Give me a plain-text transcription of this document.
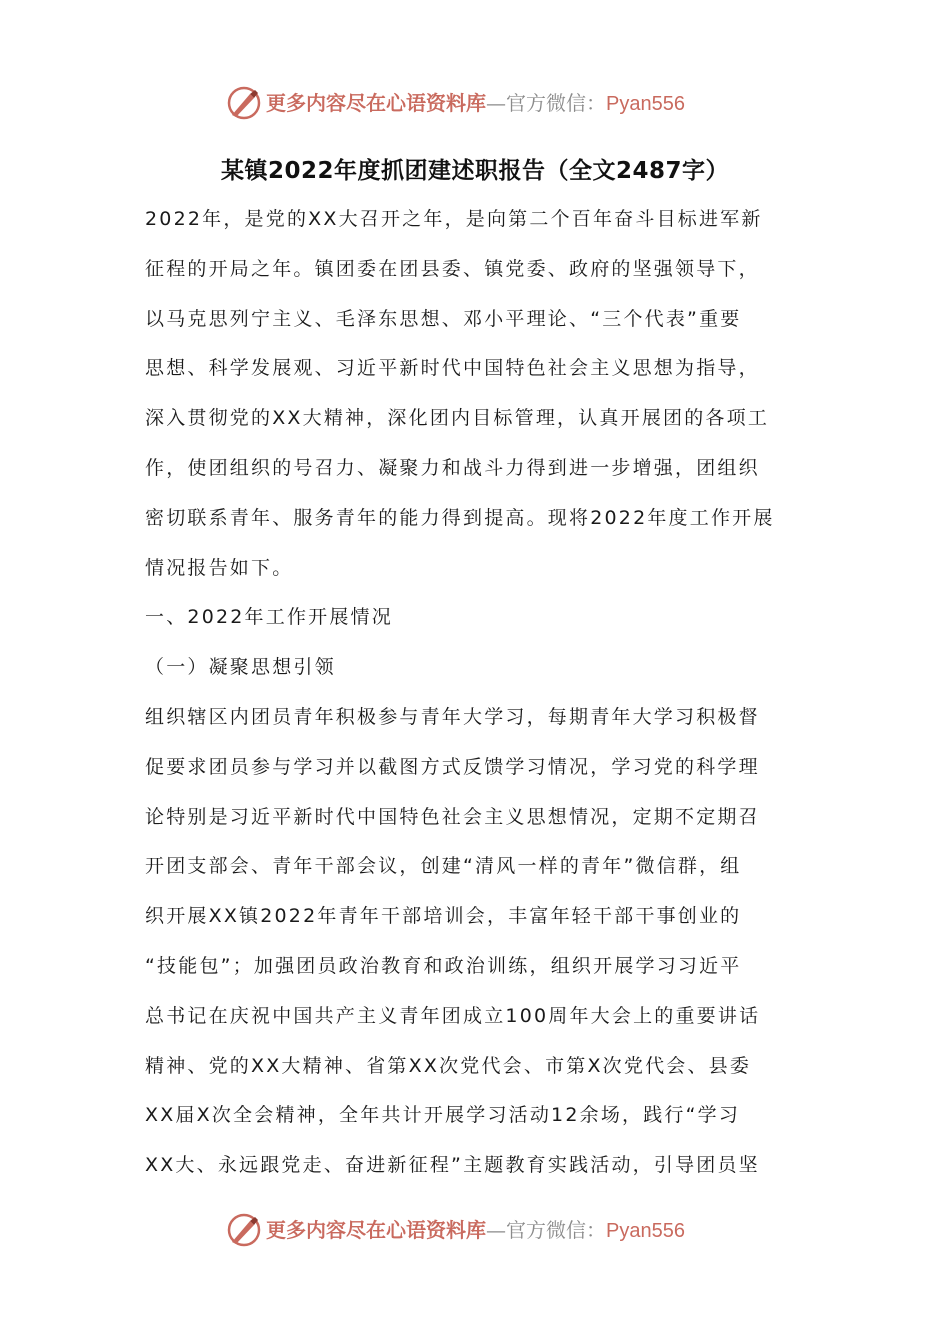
更多内容尽在心语资料库—官方微信：Pyan556
某镇2022年度抓团建述职报告（全文2487字）
2022年，是党的XX大召开之年，是向第二个百年奋斗目标进军新
征程的开局之年。镇团委在团县委、镇党委、政府的坚强领导下，
以马克思列宁主义、毛泽东思想、邓小平理论、“三个代表”重要
思想、科学发展观、习近平新时代中国特色社会主义思想为指导，
深入贯彻党的XX大精神，深化团内目标管理，认真开展团的各项工
作，使团组织的号召力、凝聚力和战斗力得到进一步增强，团组织
密切联系青年、服务青年的能力得到提高。现将2022年度工作开展
情况报告如下。
一、2022年工作开展情况
（一）凝聚思想引领
组织辖区内团员青年积极参与青年大学习，每期青年大学习积极督
促要求团员参与学习并以截图方式反馈学习情况，学习党的科学理
论特别是习近平新时代中国特色社会主义思想情况，定期不定期召
开团支部会、青年干部会议，创建“清风一样的青年”微信群，组
织开展XX镇2022年青年干部培训会，丰富年轻干部干事创业的
“技能包”；加强团员政治教育和政治训练，组织开展学习习近平
总书记在庆祝中国共产主义青年团成立100周年大会上的重要讲话
精神、党的XX大精神、省第XX次党代会、市第X次党代会、县委
XX届X次全会精神，全年共计开展学习活动12余场，践行“学习
XX大、永远跟党走、奋进新征程”主题教育实践活动，引导团员坚
更多内容尽在心语资料库—官方微信：Pyan556
